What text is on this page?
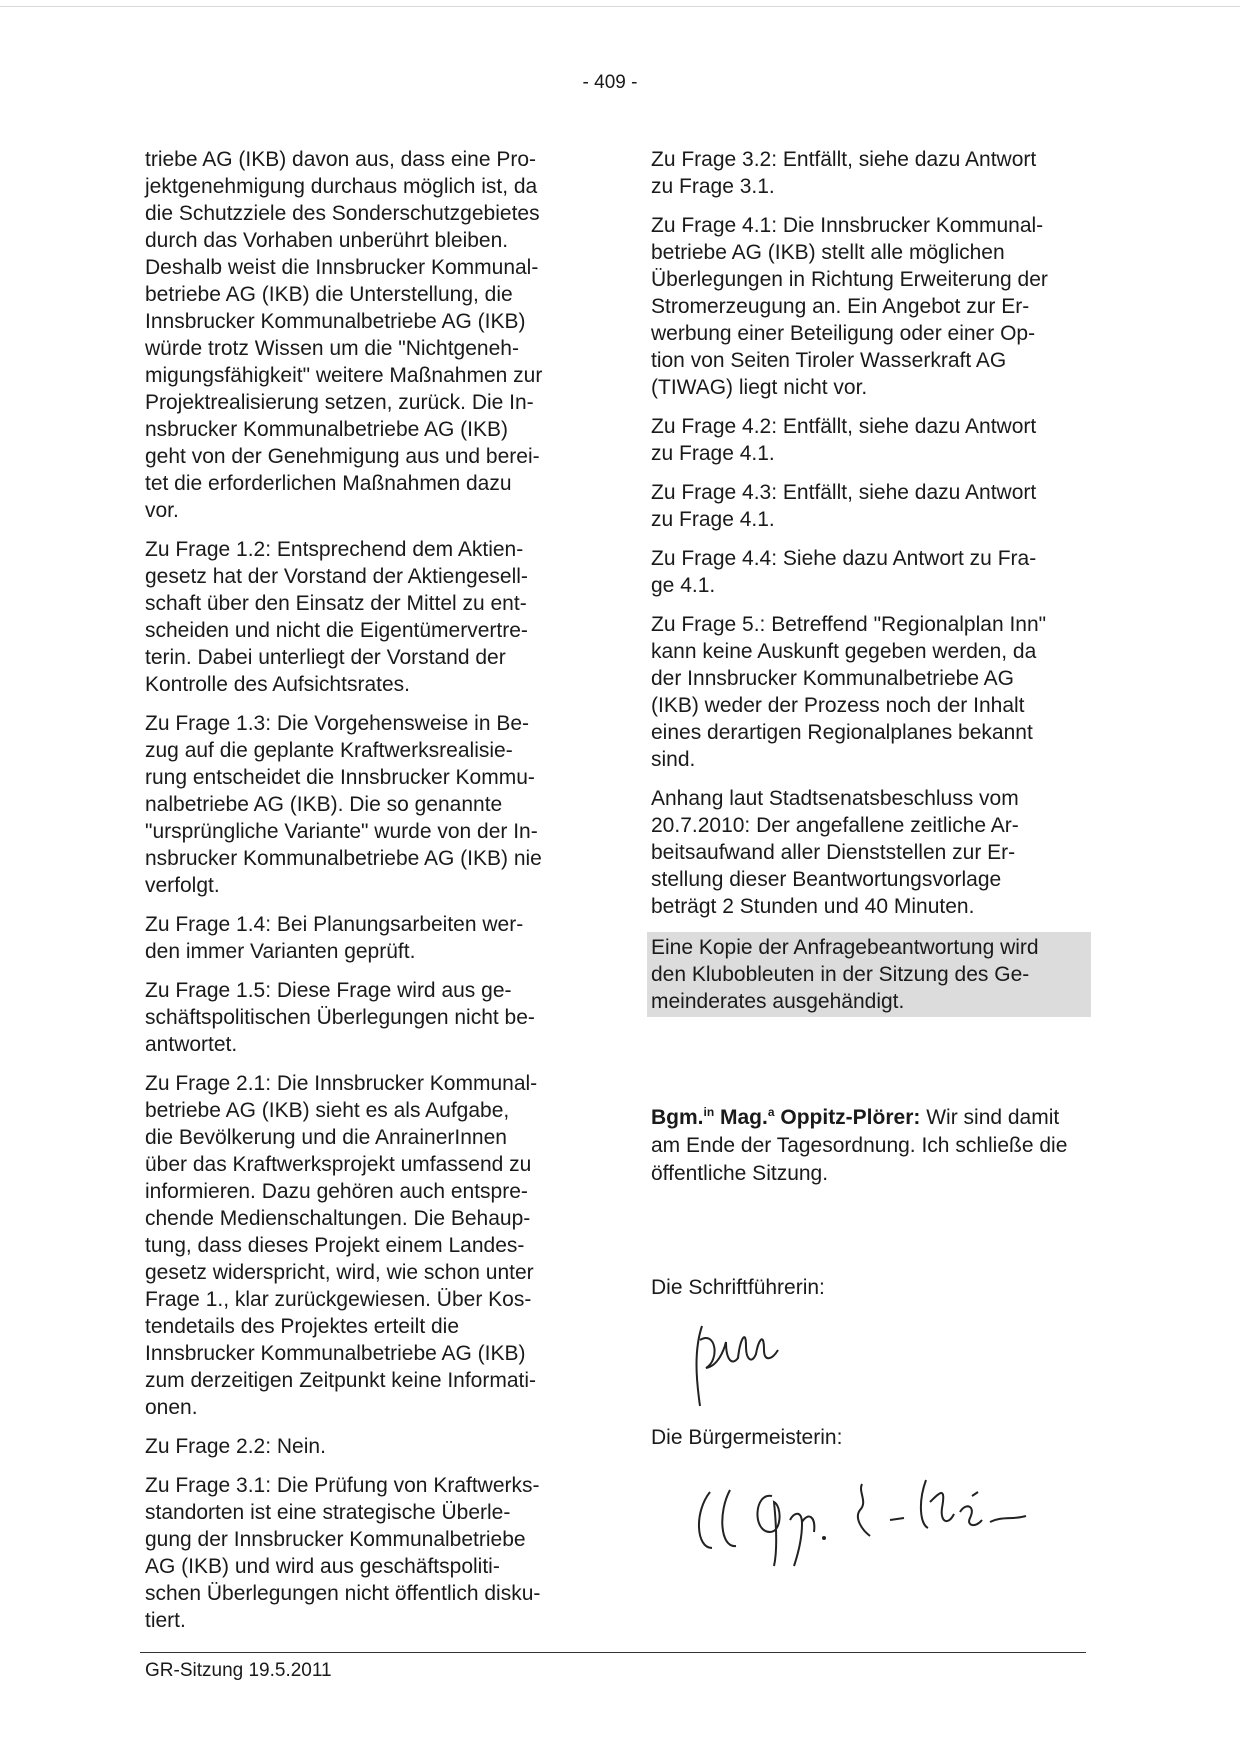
- 409 -

triebe AG (IKB) davon aus, dass eine Pro-
jektgenehmigung durchaus möglich ist, da
die Schutzziele des Sonderschutzgebietes
durch das Vorhaben unberührt bleiben.
Deshalb weist die Innsbrucker Kommunal-
betriebe AG (IKB) die Unterstellung, die
Innsbrucker Kommunalbetriebe AG (IKB)
würde trotz Wissen um die "Nichtgeneh-
migungsfähigkeit" weitere Maßnahmen zur
Projektrealisierung setzen, zurück. Die In-
nsbrucker Kommunalbetriebe AG (IKB)
geht von der Genehmigung aus und berei-
tet die erforderlichen Maßnahmen dazu
vor.

Zu Frage 1.2: Entsprechend dem Aktien-
gesetz hat der Vorstand der Aktiengesell-
schaft über den Einsatz der Mittel zu ent-
scheiden und nicht die Eigentümervertre-
terin. Dabei unterliegt der Vorstand der
Kontrolle des Aufsichtsrates.

Zu Frage 1.3: Die Vorgehensweise in Be-
zug auf die geplante Kraftwerksrealisie-
rung entscheidet die Innsbrucker Kommu-
nalbetriebe AG (IKB). Die so genannte
"ursprüngliche Variante" wurde von der In-
nsbrucker Kommunalbetriebe AG (IKB) nie
verfolgt.

Zu Frage 1.4: Bei Planungsarbeiten wer-
den immer Varianten geprüft.

Zu Frage 1.5: Diese Frage wird aus ge-
schäftspolitischen Überlegungen nicht be-
antwortet.

Zu Frage 2.1: Die Innsbrucker Kommunal-
betriebe AG (IKB) sieht es als Aufgabe,
die Bevölkerung und die AnrainerInnen
über das Kraftwerksprojekt umfassend zu
informieren. Dazu gehören auch entspre-
chende Medienschaltungen. Die Behaup-
tung, dass dieses Projekt einem Landes-
gesetz widerspricht, wird, wie schon unter
Frage 1., klar zurückgewiesen. Über Kos-
tendetails des Projektes erteilt die
Innsbrucker Kommunalbetriebe AG (IKB)
zum derzeitigen Zeitpunkt keine Informati-
onen.

Zu Frage 2.2: Nein.

Zu Frage 3.1: Die Prüfung von Kraftwerks-
standorten ist eine strategische Überle-
gung der Innsbrucker Kommunalbetriebe
AG (IKB) und wird aus geschäftspoliti-
schen Überlegungen nicht öffentlich disku-
tiert.

Zu Frage 3.2: Entfällt, siehe dazu Antwort
zu Frage 3.1.

Zu Frage 4.1: Die Innsbrucker Kommunal-
betriebe AG (IKB) stellt alle möglichen
Überlegungen in Richtung Erweiterung der
Stromerzeugung an. Ein Angebot zur Er-
werbung einer Beteiligung oder einer Op-
tion von Seiten Tiroler Wasserkraft AG
(TIWAG) liegt nicht vor.

Zu Frage 4.2: Entfällt, siehe dazu Antwort
zu Frage 4.1.

Zu Frage 4.3: Entfällt, siehe dazu Antwort
zu Frage 4.1.

Zu Frage 4.4: Siehe dazu Antwort zu Fra-
ge 4.1.

Zu Frage 5.: Betreffend "Regionalplan Inn"
kann keine Auskunft gegeben werden, da
der Innsbrucker Kommunalbetriebe AG
(IKB) weder der Prozess noch der Inhalt
eines derartigen Regionalplanes bekannt
sind.

Anhang laut Stadtsenatsbeschluss vom
20.7.2010: Der angefallene zeitliche Ar-
beitsaufwand aller Dienststellen zur Er-
stellung dieser Beantwortungsvorlage
beträgt 2 Stunden und 40 Minuten.

Eine Kopie der Anfragebeantwortung wird
den Klubobleuten in der Sitzung des Ge-
meinderates ausgehändigt.

Bgm.$^{in}$ Mag.$^a$ Oppitz-Plörer: Wir sind damit am Ende der Tagesordnung. Ich schließe die öffentliche Sitzung.
Die Schriftführerin:
Die Bürgermeisterin:
GR-Sitzung 19.5.2011
